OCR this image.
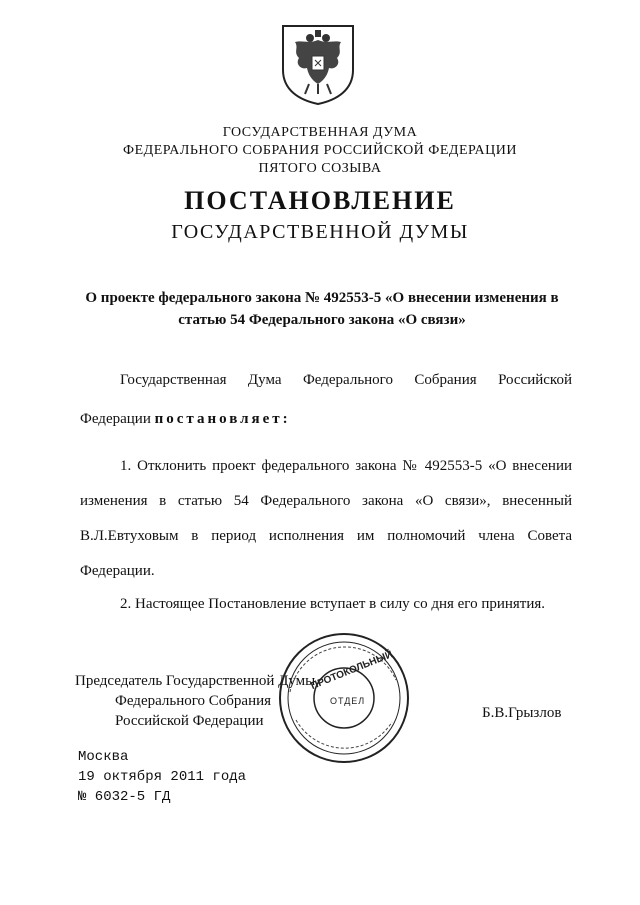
ГОСУДАРСТВЕННАЯ ДУМА
ФЕДЕРАЛЬНОГО СОБРАНИЯ РОССИЙСКОЙ ФЕДЕРАЦИИ
ПЯТОГО СОЗЫВА
ПОСТАНОВЛЕНИЕ
ГОСУДАРСТВЕННОЙ ДУМЫ
О проекте федерального закона № 492553-5 «О внесении изменения в
статью 54 Федерального закона «О связи»
Государственная Дума Федерального Собрания Российской
Федерации постановляет:
1. Отклонить проект федерального закона № 492553-5 «О внесении
изменения в статью 54 Федерального закона «О связи», внесенный
В.Л.Евтуховым в период исполнения им полномочий члена Совета
Федерации.
2. Настоящее Постановление вступает в силу со дня его принятия.
Председатель Государственной Думы
Федерального Собрания
Российской Федерации	Б.В.Грызлов
ПРОТОКОЛЬНЫЙ
ОТДЕЛ
Москва
19 октября 2011 года
№ 6032-5 ГД
